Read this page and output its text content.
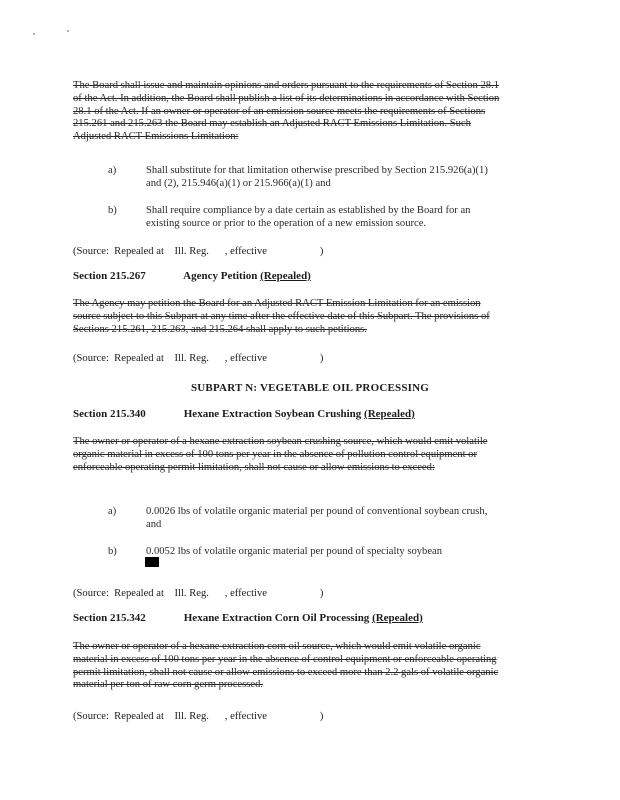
The Board shall issue and maintain opinions and orders pursuant to the requirements of Section 28.1 of the Act. In addition, the Board shall publish a list of its determinations in accordance with Section 28.1 of the Act. If an owner or operator of an emission source meets the requirements of Sections 215.261 and 215.263 the Board may establish an Adjusted RACT Emissions Limitation. Such Adjusted RACT Emissions Limitation:

a)	Shall substitute for that limitation otherwise prescribed by Section 215.926(a)(1) and (2), 215.946(a)(1) or 215.966(a)(1) and
b)	Shall require compliance by a date certain as established by the Board for an existing source or prior to the operation of a new emission source.
(Source:  Repealed at    Ill. Reg.      , effective                    )
Section 215.267	Agency Petition (Repealed)

The Agency may petition the Board for an Adjusted RACT Emission Limitation for an emission source subject to this Subpart at any time after the effective date of this Subpart. The provisions of Sections 215.261, 215.263, and 215.264 shall apply to such petitions.

(Source:  Repealed at    Ill. Reg.      , effective                    )
SUBPART N: VEGETABLE OIL PROCESSING
Section 215.340	Hexane Extraction Soybean Crushing (Repealed)

The owner or operator of a hexane extraction soybean crushing source, which would emit volatile organic material in excess of 100 tons per year in the absence of pollution control equipment or enforceable operating permit limitation, shall not cause or allow emissions to exceed:

a)	0.0026 lbs of volatile organic material per pound of conventional soybean crush, and
b)	0.0052 lbs of volatile organic material per pound of specialty soybean
(Source:  Repealed at    Ill. Reg.      , effective                    )
Section 215.342	Hexane Extraction Corn Oil Processing (Repealed)

The owner or operator of a hexane extraction corn oil source, which would emit volatile organic material in excess of 100 tons per year in the absence of control equipment or enforceable operating permit limitation, shall not cause or allow emissions to exceed more than 2.2 gals of volatile organic material per ton of raw corn germ processed.

(Source:  Repealed at    Ill. Reg.      , effective                    )
